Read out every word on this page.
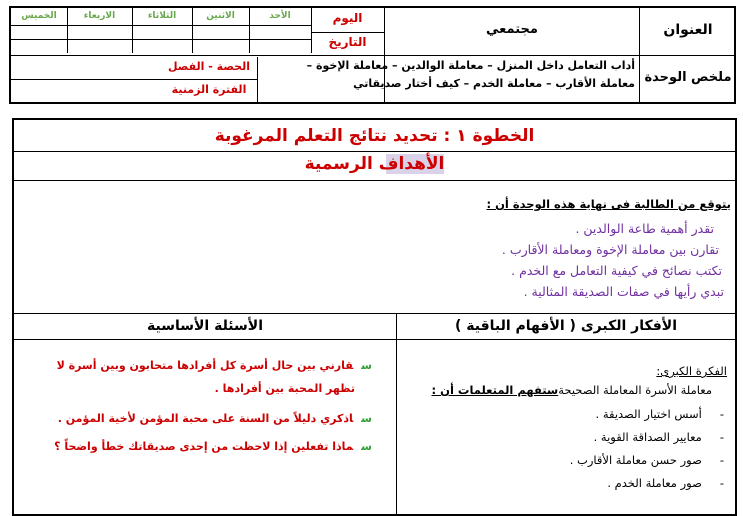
العنوان
ملخص الوحدة
مجتمعي
اليوم
التاريخ
الأحد
الاثنين
الثلاثاء
الاربعاء
الخميس
أداب التعامل داخل المنزل – معاملة الوالدين – معاملة الإخوة –
معاملة الأقارب – معاملة الخدم – كيف أختار صديقاتي
الحصة - الفصل
الفترة الزمنية
الخطوة ١ : تحديد نتائج التعلم المرغوبة
الأهداف الرسمية
يتوقع من الطالبة فى نهاية هذه الوحدة أن :
تقدر أهمية طاعة الوالدين .
تقارن بين معاملة الإخوة ومعاملة الأقارب .
تكتب نصائح في كيفية التعامل مع الخدم .
تبدي رأيها في صفات الصديقة المثالية .
الأفكار الكبرى ( الأفهام الباقية )
الأسئلة الأساسية
الفكرة الكبرى:
معاملة الأسرة المعاملة الصحيحةستفهم المتعلمات أن :
-أسس اختيار الصديقة .
-معايير الصداقة القوية .
-صور حسن معاملة الأقارب .
-صور معاملة الخدم .
سقارني بين حال أسرة كل أفرادها متحابون وبين أسرة لا
تظهر المحبة بين أفرادها .
ساذكري دليلاً من السنة على محبة المؤمن لأخية المؤمن .
سماذا تفعلين إذا لاحظت من إحدى صديقاتك خطأ واضحاً ؟
